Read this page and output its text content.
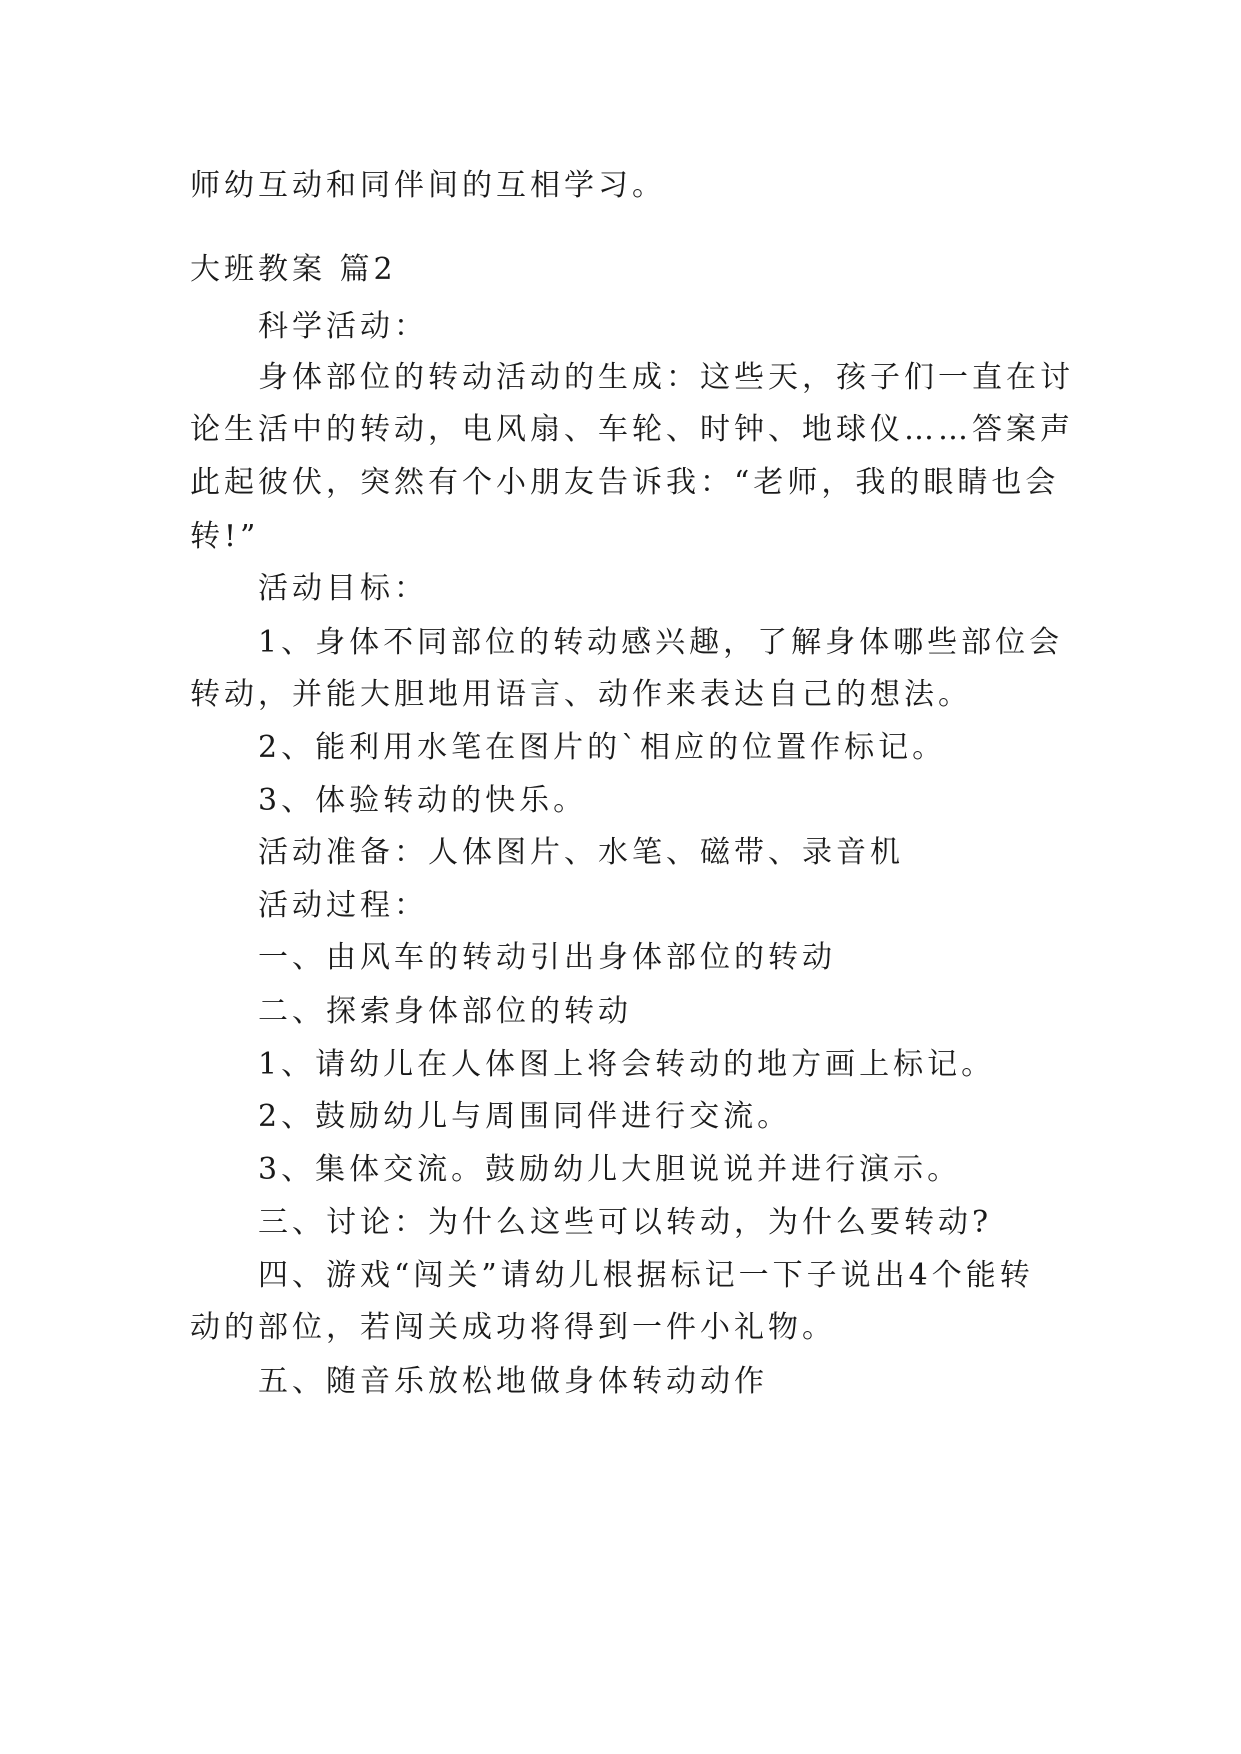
师幼互动和同伴间的互相学习。
大班教案 篇2
科学活动：
身体部位的转动活动的生成：这些天，孩子们一直在讨
论生活中的转动，电风扇、车轮、时钟、地球仪……答案声
此起彼伏，突然有个小朋友告诉我：“老师，我的眼睛也会
转!”
活动目标：
1、身体不同部位的转动感兴趣，了解身体哪些部位会
转动，并能大胆地用语言、动作来表达自己的想法。
2、能利用水笔在图片的`相应的位置作标记。
3、体验转动的快乐。
活动准备：人体图片、水笔、磁带、录音机
活动过程：
一、由风车的转动引出身体部位的转动
二、探索身体部位的转动
1、请幼儿在人体图上将会转动的地方画上标记。
2、鼓励幼儿与周围同伴进行交流。
3、集体交流。鼓励幼儿大胆说说并进行演示。
三、讨论：为什么这些可以转动，为什么要转动?
四、游戏“闯关”请幼儿根据标记一下子说出4个能转
动的部位，若闯关成功将得到一件小礼物。
五、随音乐放松地做身体转动动作
